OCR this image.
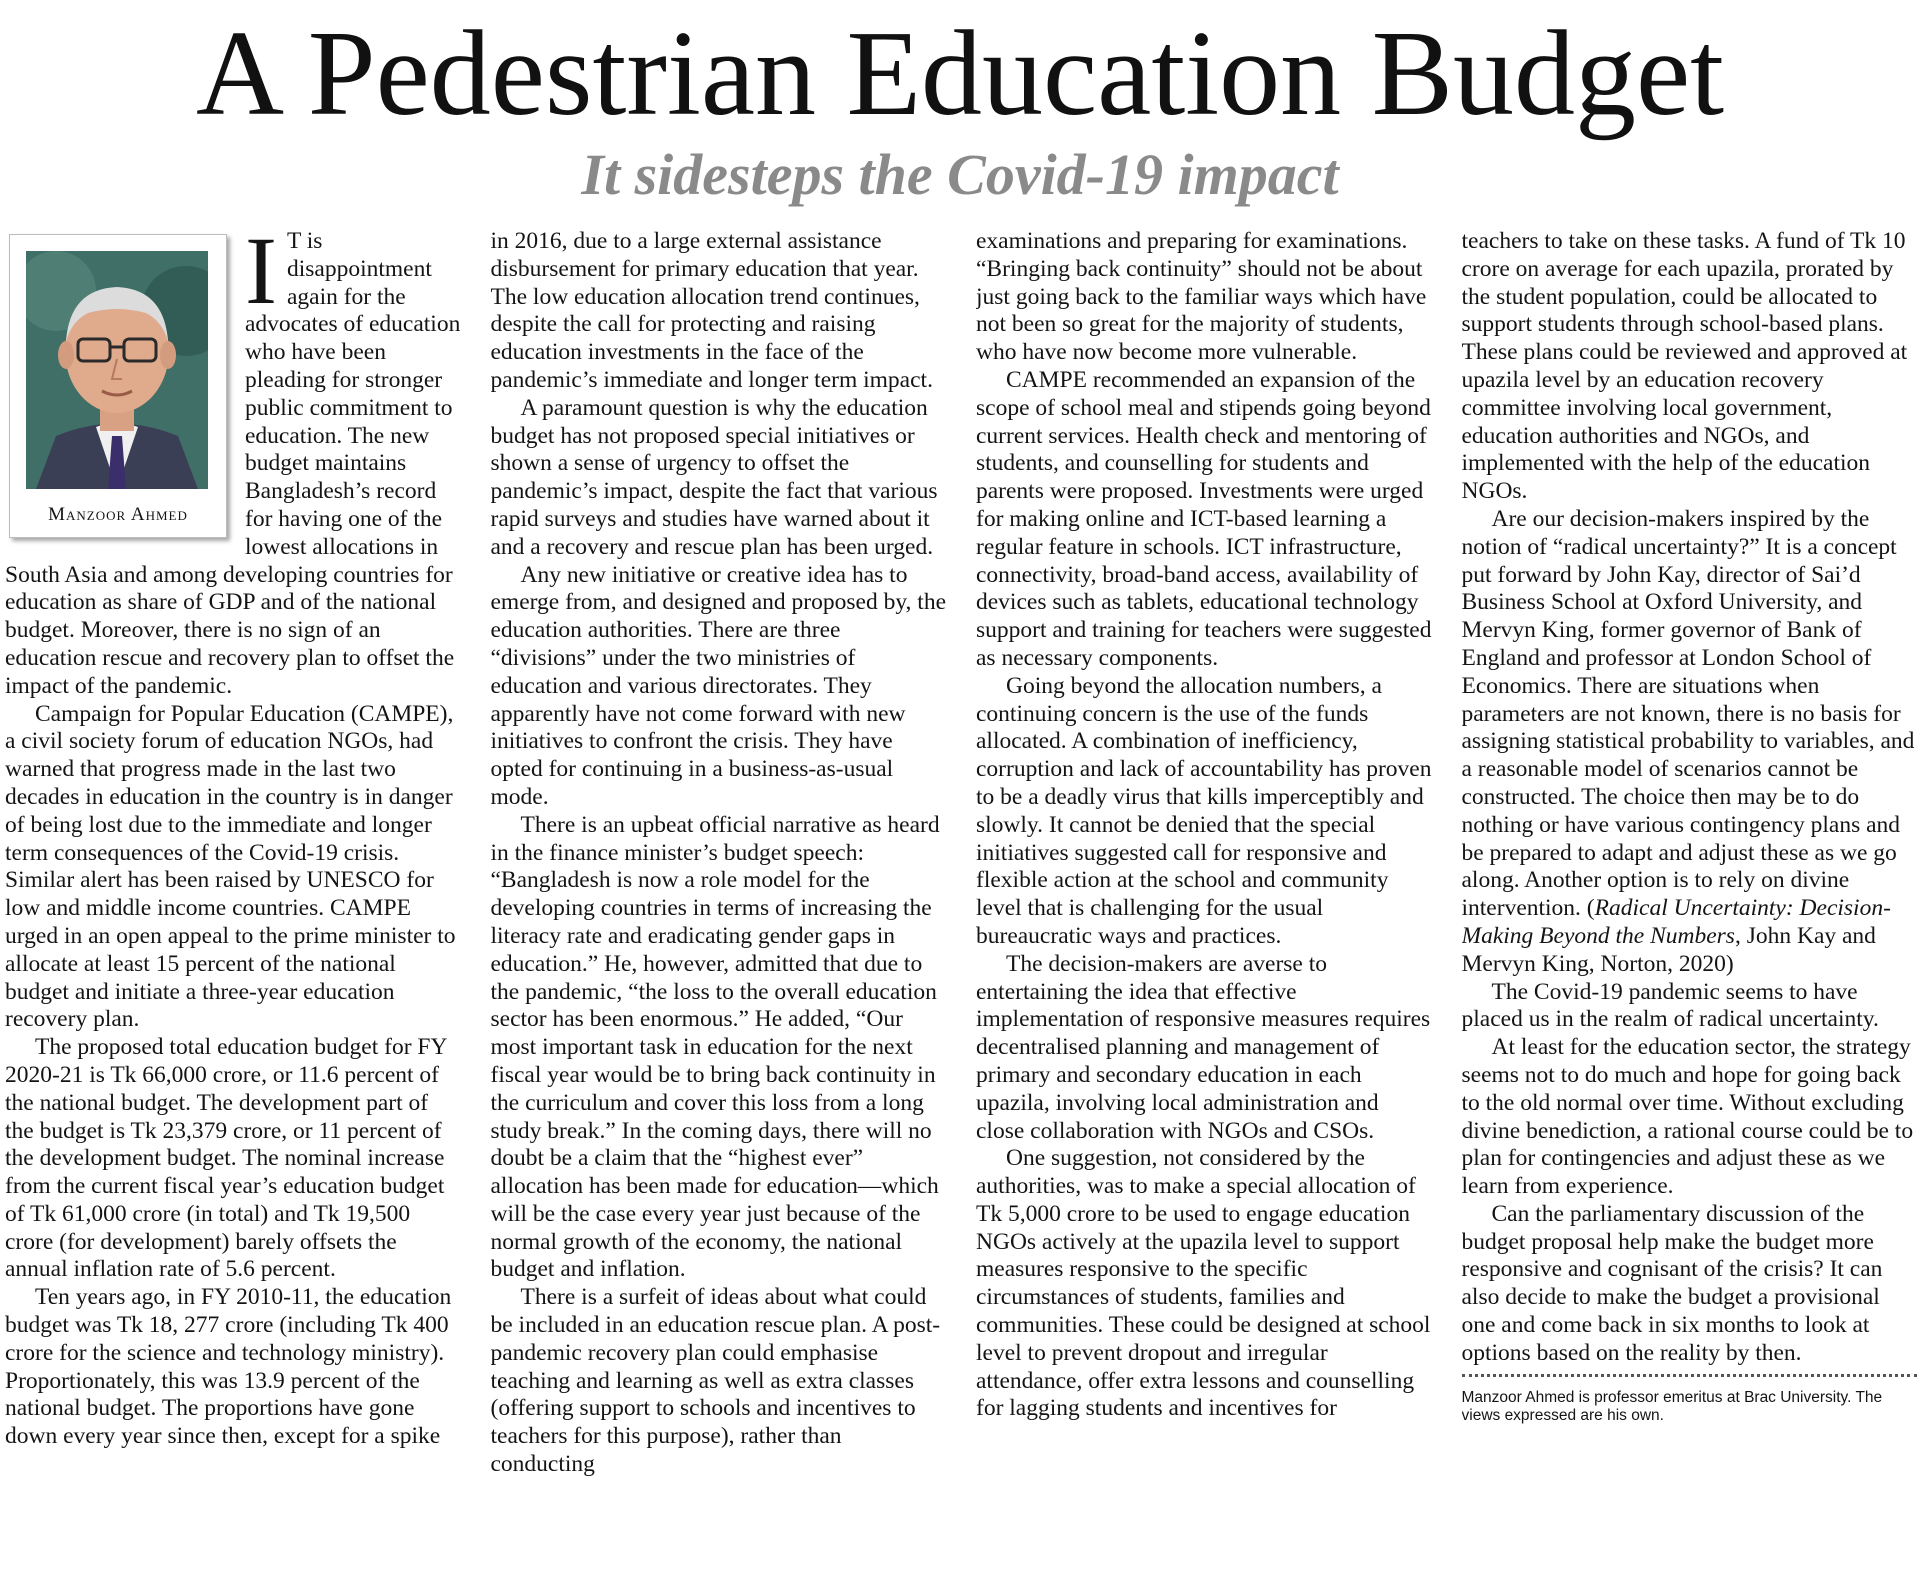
A Pedestrian Education Budget
It sidesteps the Covid-19 impact
Manzoor Ahmed

I T is disappointment again for the advocates of education who have been pleading for stronger public commitment to education. The new budget maintains Bangladesh’s record for having one of the lowest allocations in South Asia and among developing countries for education as share of GDP and of the national budget. Moreover, there is no sign of an education rescue and recovery plan to offset the impact of the pandemic.

Campaign for Popular Education (CAMPE), a civil society forum of education NGOs, had warned that progress made in the last two decades in education in the country is in danger of being lost due to the immediate and longer term consequences of the Covid-19 crisis. Similar alert has been raised by UNESCO for low and middle income countries. CAMPE urged in an open appeal to the prime minister to allocate at least 15 percent of the national budget and initiate a three-year education recovery plan.

The proposed total education budget for FY 2020-21 is Tk 66,000 crore, or 11.6 percent of the national budget. The development part of the budget is Tk 23,379 crore, or 11 percent of the development budget. The nominal increase from the current fiscal year’s education budget of Tk 61,000 crore (in total) and Tk 19,500 crore (for development) barely offsets the annual inflation rate of 5.6 percent.

Ten years ago, in FY 2010-11, the education budget was Tk 18, 277 crore (including Tk 400 crore for the science and technology ministry). Proportionately, this was 13.9 percent of the national budget. The proportions have gone down every year since then, except for a spike

in 2016, due to a large external assistance disbursement for primary education that year. The low education allocation trend continues, despite the call for protecting and raising education investments in the face of the pandemic’s immediate and longer term impact.

A paramount question is why the education budget has not proposed special initiatives or shown a sense of urgency to offset the pandemic’s impact, despite the fact that various rapid surveys and studies have warned about it and a recovery and rescue plan has been urged.

Any new initiative or creative idea has to emerge from, and designed and proposed by, the education authorities. There are three “divisions” under the two ministries of education and various directorates. They apparently have not come forward with new initiatives to confront the crisis. They have opted for continuing in a business-as-usual mode.

There is an upbeat official narrative as heard in the finance minister’s budget speech: “Bangladesh is now a role model for the developing countries in terms of increasing the literacy rate and eradicating gender gaps in education.” He, however, admitted that due to the pandemic, “the loss to the overall education sector has been enormous.” He added, “Our most important task in education for the next fiscal year would be to bring back continuity in the curriculum and cover this loss from a long study break.” In the coming days, there will no doubt be a claim that the “highest ever” allocation has been made for education—which will be the case every year just because of the normal growth of the economy, the national budget and inflation.

There is a surfeit of ideas about what could be included in an education rescue plan. A post-pandemic recovery plan could emphasise teaching and learning as well as extra classes (offering support to schools and incentives to teachers for this purpose), rather than conducting

examinations and preparing for examinations. “Bringing back continuity” should not be about just going back to the familiar ways which have not been so great for the majority of students, who have now become more vulnerable.

CAMPE recommended an expansion of the scope of school meal and stipends going beyond current services. Health check and mentoring of students, and counselling for students and parents were proposed. Investments were urged for making online and ICT-based learning a regular feature in schools. ICT infrastructure, connectivity, broad-band access, availability of devices such as tablets, educational technology support and training for teachers were suggested as necessary components.

Going beyond the allocation numbers, a continuing concern is the use of the funds allocated. A combination of inefficiency, corruption and lack of accountability has proven to be a deadly virus that kills imperceptibly and slowly. It cannot be denied that the special initiatives suggested call for responsive and flexible action at the school and community level that is challenging for the usual bureaucratic ways and practices.

The decision-makers are averse to entertaining the idea that effective implementation of responsive measures requires decentralised planning and management of primary and secondary education in each upazila, involving local administration and close collaboration with NGOs and CSOs.

One suggestion, not considered by the authorities, was to make a special allocation of Tk 5,000 crore to be used to engage education NGOs actively at the upazila level to support measures responsive to the specific circumstances of students, families and communities. These could be designed at school level to prevent dropout and irregular attendance, offer extra lessons and counselling for lagging students and incentives for

teachers to take on these tasks. A fund of Tk 10 crore on average for each upazila, prorated by the student population, could be allocated to support students through school-based plans. These plans could be reviewed and approved at upazila level by an education recovery committee involving local government, education authorities and NGOs, and implemented with the help of the education NGOs.

Are our decision-makers inspired by the notion of “radical uncertainty?” It is a concept put forward by John Kay, director of Sai’d Business School at Oxford University, and Mervyn King, former governor of Bank of England and professor at London School of Economics. There are situations when parameters are not known, there is no basis for assigning statistical probability to variables, and a reasonable model of scenarios cannot be constructed. The choice then may be to do nothing or have various contingency plans and be prepared to adapt and adjust these as we go along. Another option is to rely on divine intervention. (Radical Uncertainty: Decision-Making Beyond the Numbers, John Kay and Mervyn King, Norton, 2020)

The Covid-19 pandemic seems to have placed us in the realm of radical uncertainty.

At least for the education sector, the strategy seems not to do much and hope for going back to the old normal over time. Without excluding divine benediction, a rational course could be to plan for contingencies and adjust these as we learn from experience.

Can the parliamentary discussion of the budget proposal help make the budget more responsive and cognisant of the crisis? It can also decide to make the budget a provisional one and come back in six months to look at options based on the reality by then.

Manzoor Ahmed is professor emeritus at Brac University. The views expressed are his own.
